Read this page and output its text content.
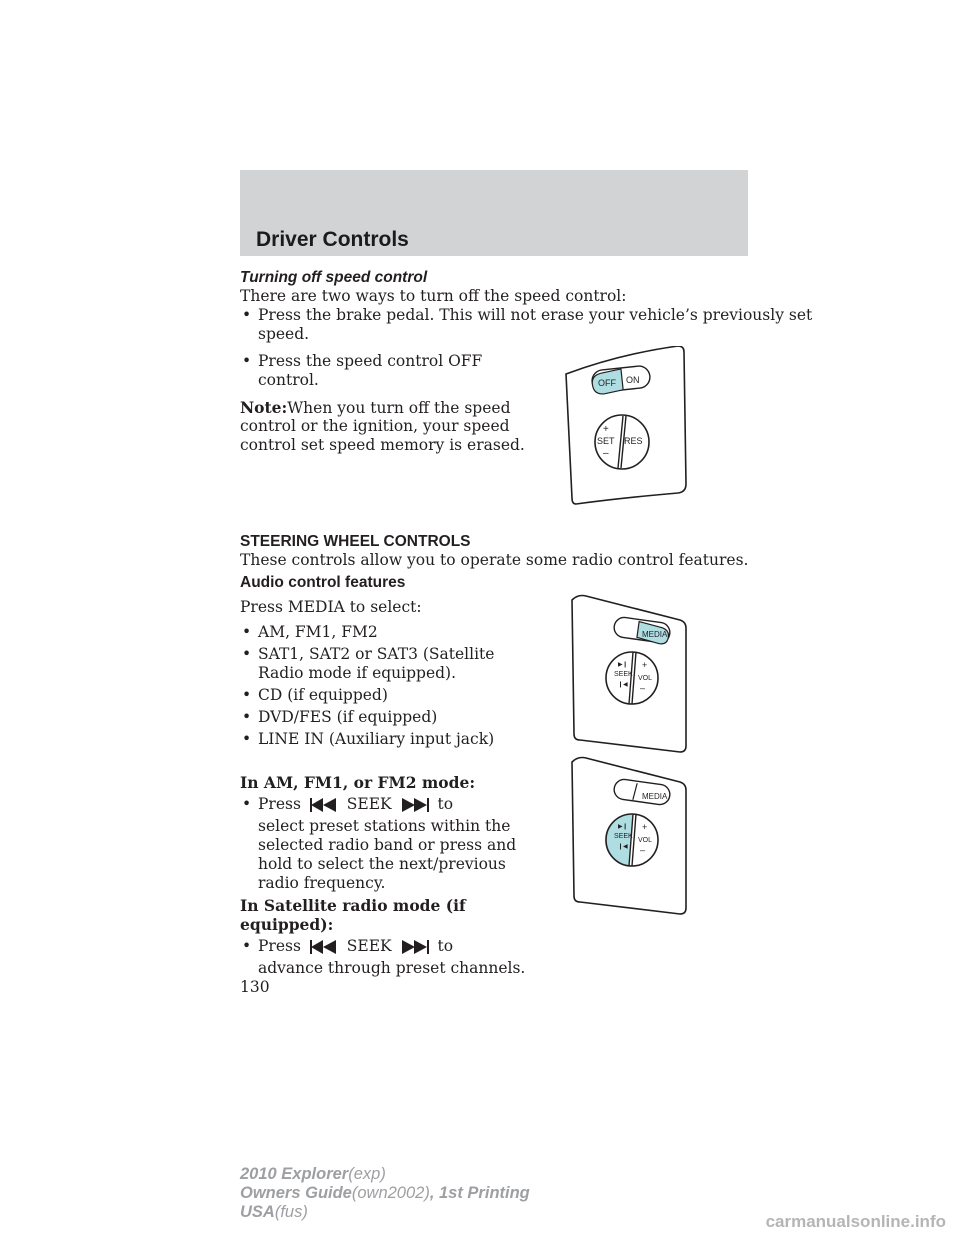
Driver Controls
Turning off speed control
There are two ways to turn off the speed control:
• Press the brake pedal. This will not erase your vehicle’s previously set
speed.
• Press the speed control OFF
control.
Note:When you turn off the speed
control or the ignition, your speed
control set speed memory is erased.
OFF ON
+
SET
–
RES
STEERING WHEEL CONTROLS
These controls allow you to operate some radio control features.
Audio control features
Press MEDIA to select:
• AM, FM1, FM2
• SAT1, SAT2 or SAT3 (Satellite
Radio mode if equipped).
• CD (if equipped)
• DVD/FES (if equipped)
• LINE IN (Auxiliary input jack)
MEDIA
SEEK
▶❙
❙◀
+
VOL
–
In AM, FM1, or FM2 mode:
• Press	SEEK	to
select preset stations within the
selected radio band or press and
hold to select the next/previous
radio frequency.
MEDIA
SEEK
▶❙
❙◀
+
VOL
–
In Satellite radio mode (if
equipped):
• Press	SEEK	to
advance through preset channels.
130
2010 Explorer(exp)
Owners Guide(own2002), 1st Printing
USA(fus)	carmanualsonline.info
